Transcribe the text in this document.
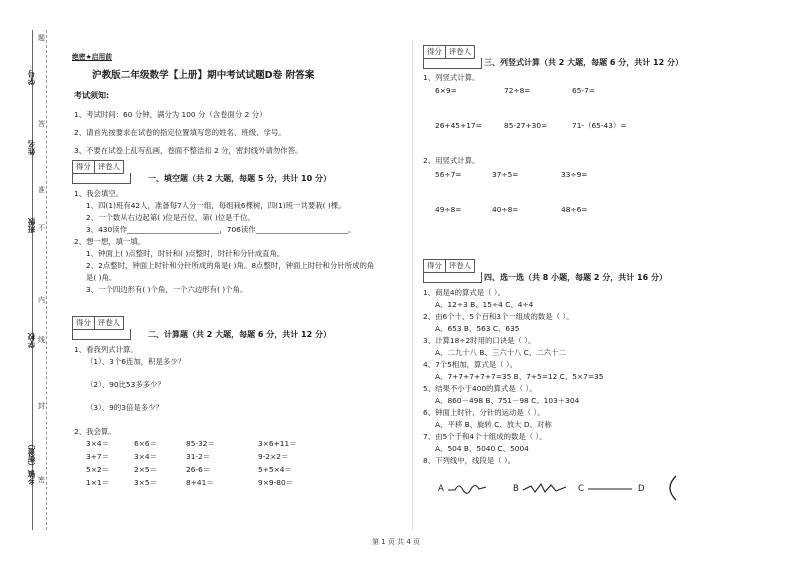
学号
姓名
班级
学校
乡镇（街道）
题
答
准
不
内
线
封
密
绝密★启用前
沪教版二年级数学【上册】期中考试试题D卷 附答案
考试须知:
1、考试时间：60 分钟，满分为 100 分（含卷面分 2 分）
2、请首先按要求在试卷的指定位置填写您的姓名、班级、学号。
3、不要在试卷上乱写乱画，卷面不整洁扣 2 分，密封线外请勿作答。
得分 评卷人
一、填空题（共 2 大题，每题 5 分，共计 10 分）
1、我会填空。
1、四(1)班有42人，准备每7人分一组，每组栽6棵树，四(1)班一共要栽( )棵。
2、一个数从右边起第( )位是百位，第( )位是千位。
3、430读作_________________________，706读作_________________________。
2、想一想，填一填。
1、钟面上( )点整时，时针和( )点整时，时针和分针成直角。
2、2点整时，钟面上时针和分针所成的角是( )角。8点整时，钟面上时针和分针所成的角
是( )角。
3、一个四边形有( )个角，一个六边形有( )个角。
得分 评卷人
二、计算题（共 2 大题，每题 6 分，共计 12 分）
1、看我列式计算。
（1）、3个6连加，积是多少？
（2）、90比53多多少？
（3）、9的3倍是多少？
2、我会算。
3×4＝	6×6＝	85-32＝	3×6+11＝
3+7＝	3×4＝	31-2＝	9-2×2＝
5×2＝	2×5＝	26-6＝	5+5×4＝
1×1＝	3×5＝	8+41＝	9×9-80＝
得分 评卷人
三、列竖式计算（共 2 大题，每题 6 分，共计 12 分）
1、列竖式计算。
6×9=	72÷8=	65-7=
26+45+17=	85-27+30=	71-（65-43）=
2、用竖式计算。
56÷7=	37÷5=	33÷9=
49÷8=	40÷8=	48÷6=
得分 评卷人
四、选一选（共 8 小题，每题 2 分，共计 16 分）
1、商是4的算式是（ ）。
A、12÷3 B、15÷4 C、4÷4
2、由6个十、5个百和3个一组成的数是（ ）。
A、653 B、563 C、635
3、计算18÷2时用的口诀是（ ）。
A、二九十八 B、三六十八 C、二六十二
4、7个5相加，算式是（ ）。
A、7+7+7+7+7=35 B、7+5=12 C、5×7=35
5、结果不小于400的算式是（ ）。
A、860－498 B、751－98 C、103＋304
6、钟面上时针、分针的运动是（ ）。
A、平移 B、旋转 C、放大 D、对称
7、由5个千和4个十组成的数是（ ）。
A、504 B、5040 C、5004
8、下列线中，线段是（ ）。
A	B	C	D
第 1 页 共 4 页
